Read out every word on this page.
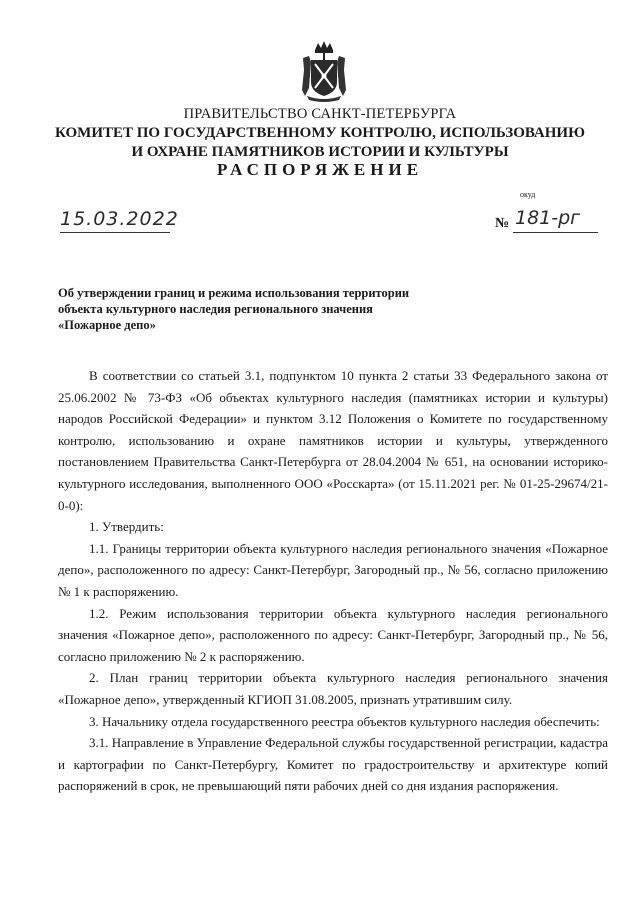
ПРАВИТЕЛЬСТВО САНКТ-ПЕТЕРБУРГА
КОМИТЕТ ПО ГОСУДАРСТВЕННОМУ КОНТРОЛЮ, ИСПОЛЬЗОВАНИЮ
И ОХРАНЕ ПАМЯТНИКОВ ИСТОРИИ И КУЛЬТУРЫ
РАСПОРЯЖЕНИЕ
окуд
15.03.2022	№ 181-рг
Об утверждении границ и режима использования территории
объекта культурного наследия регионального значения
«Пожарное депо»

В соответствии со статьей 3.1, подпунктом 10 пункта 2 статьи 33 Федерального закона от 25.06.2002 № 73-ФЗ «Об объектах культурного наследия (памятниках истории и культуры) народов Российской Федерации» и пунктом 3.12 Положения о Комитете по государственному контролю, использованию и охране памятников истории и культуры, утвержденного постановлением Правительства Санкт-Петербурга от 28.04.2004 № 651, на основании историко-культурного исследования, выполненного ООО «Росскарта» (от 15.11.2021 рег. № 01-25-29674/21-0-0):

1. Утвердить:

1.1. Границы территории объекта культурного наследия регионального значения «Пожарное депо», расположенного по адресу: Санкт-Петербург, Загородный пр., № 56, согласно приложению № 1 к распоряжению.

1.2. Режим использования территории объекта культурного наследия регионального значения «Пожарное депо», расположенного по адресу: Санкт-Петербург, Загородный пр., № 56, согласно приложению № 2 к распоряжению.

2. План границ территории объекта культурного наследия регионального значения «Пожарное депо», утвержденный КГИОП 31.08.2005, признать утратившим силу.

3. Начальнику отдела государственного реестра объектов культурного наследия обеспечить:

3.1. Направление в Управление Федеральной службы государственной регистрации, кадастра и картографии по Санкт-Петербургу, Комитет по градостроительству и архитектуре копий распоряжений в срок, не превышающий пяти рабочих дней со дня издания распоряжения.
